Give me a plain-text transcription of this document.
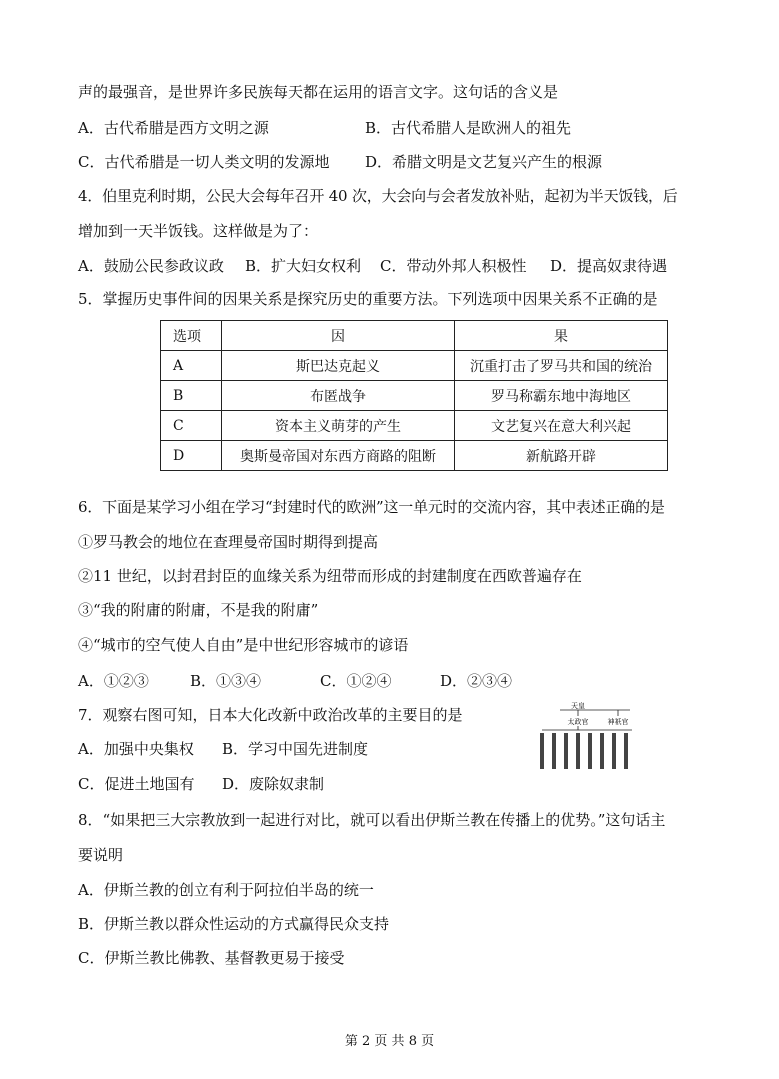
声的最强音，是世界许多民族每天都在运用的语言文字。这句话的含义是
A．古代希腊是西方文明之源	B．古代希腊人是欧洲人的祖先
C．古代希腊是一切人类文明的发源地 D．希腊文明是文艺复兴产生的根源
4．伯里克利时期，公民大会每年召开 40 次，大会向与会者发放补贴，起初为半天饭钱，后
增加到一天半饭钱。这样做是为了：
A．鼓励公民参政议政 B．扩大妇女权利 C．带动外邦人积极性 D．提高奴隶待遇
5．掌握历史事件间的因果关系是探究历史的重要方法。下列选项中因果关系不正确的是
选项	因	果
A	斯巴达克起义	沉重打击了罗马共和国的统治
B	布匿战争	罗马称霸东地中海地区
C	资本主义萌芽的产生	文艺复兴在意大利兴起
D	奥斯曼帝国对东西方商路的阻断	新航路开辟
6．下面是某学习小组在学习“封建时代的欧洲”这一单元时的交流内容，其中表述正确的是
①罗马教会的地位在查理曼帝国时期得到提高
②11 世纪，以封君封臣的血缘关系为纽带而形成的封建制度在西欧普遍存在
③“我的附庸的附庸，不是我的附庸”
④“城市的空气使人自由”是中世纪形容城市的谚语
A．①②③	B．①③④	C．①②④	D．②③④
7．观察右图可知，日本大化改新中政治改革的主要目的是
A．加强中央集权 B．学习中国先进制度
C．促进土地国有 D．废除奴隶制
天皇
太政官	神祇官
8．“如果把三大宗教放到一起进行对比，就可以看出伊斯兰教在传播上的优势。”这句话主
要说明
A．伊斯兰教的创立有利于阿拉伯半岛的统一
B．伊斯兰教以群众性运动的方式赢得民众支持
C．伊斯兰教比佛教、基督教更易于接受
第 2 页 共 8 页
